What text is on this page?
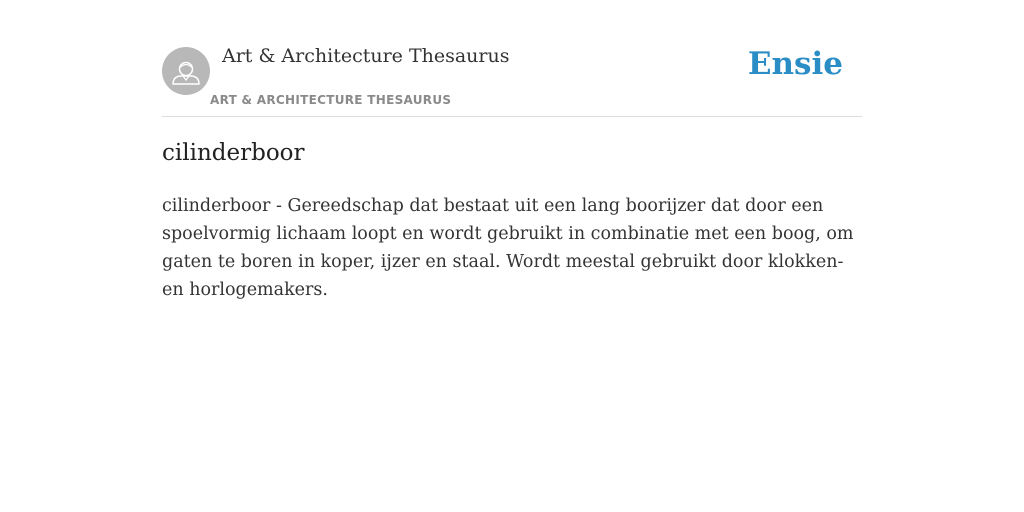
Art & Architecture Thesaurus
ART & ARCHITECTURE THESAURUS
Ensie
cilinderboor

cilinderboor - Gereedschap dat bestaat uit een lang boorijzer dat door een spoelvormig lichaam loopt en wordt gebruikt in combinatie met een boog, om gaten te boren in koper, ijzer en staal. Wordt meestal gebruikt door klokken- en horlogemakers.
